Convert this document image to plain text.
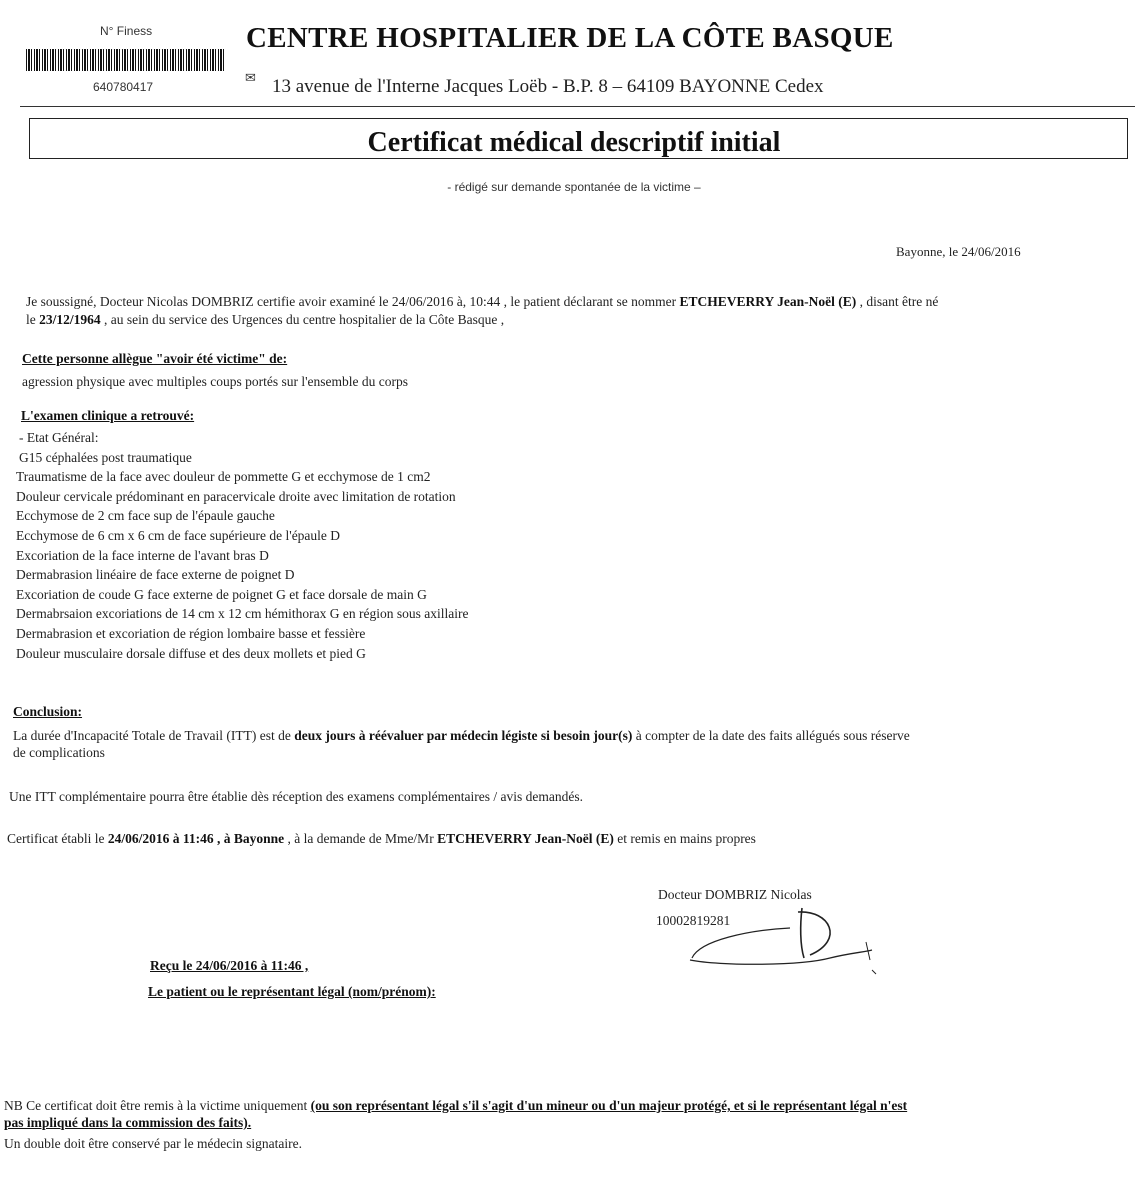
N° Finess
640780417
CENTRE HOSPITALIER DE LA CÔTE BASQUE
✉ 13 avenue de l'Interne Jacques Loëb - B.P. 8 – 64109 BAYONNE Cedex
Certificat médical descriptif initial
- rédigé sur demande spontanée de la victime –
Bayonne, le 24/06/2016
Je soussigné, Docteur Nicolas DOMBRIZ certifie avoir examiné le 24/06/2016 à, 10:44 , le patient déclarant se nommer ETCHEVERRY Jean-Noël (E) , disant être né
le 23/12/1964 , au sein du service des Urgences du centre hospitalier de la Côte Basque ,
Cette personne allègue "avoir été victime" de:
agression physique avec multiples coups portés sur l'ensemble du corps
L'examen clinique a retrouvé:
- Etat Général:
G15 céphalées post traumatique
Traumatisme de la face avec douleur de pommette G et ecchymose de 1 cm2
Douleur cervicale prédominant en paracervicale droite avec limitation de rotation
Ecchymose de 2 cm face sup de l'épaule gauche
Ecchymose de 6 cm x 6 cm de face supérieure de l'épaule D
Excoriation de la face interne de l'avant bras D
Dermabrasion linéaire de face externe de poignet D
Excoriation de coude G face externe de poignet G et face dorsale de main G
Dermabrsaion excoriations de 14 cm x 12 cm hémithorax G en région sous axillaire
Dermabrasion et excoriation de région lombaire basse et fessière
Douleur musculaire dorsale diffuse et des deux mollets et pied G
Conclusion:
La durée d'Incapacité Totale de Travail (ITT) est de deux jours à réévaluer par médecin légiste si besoin jour(s) à compter de la date des faits allégués sous réserve
de complications
Une ITT complémentaire pourra être établie dès réception des examens complémentaires / avis demandés.
Certificat établi le 24/06/2016 à 11:46 , à Bayonne , à la demande de Mme/Mr ETCHEVERRY Jean-Noël (E) et remis en mains propres
Docteur DOMBRIZ Nicolas
10002819281
Reçu le 24/06/2016 à 11:46 ,
Le patient ou le représentant légal (nom/prénom):
NB Ce certificat doit être remis à la victime uniquement (ou son représentant légal s'il s'agit d'un mineur ou d'un majeur protégé, et si le représentant légal n'est
pas impliqué dans la commission des faits).
Un double doit être conservé par le médecin signataire.
